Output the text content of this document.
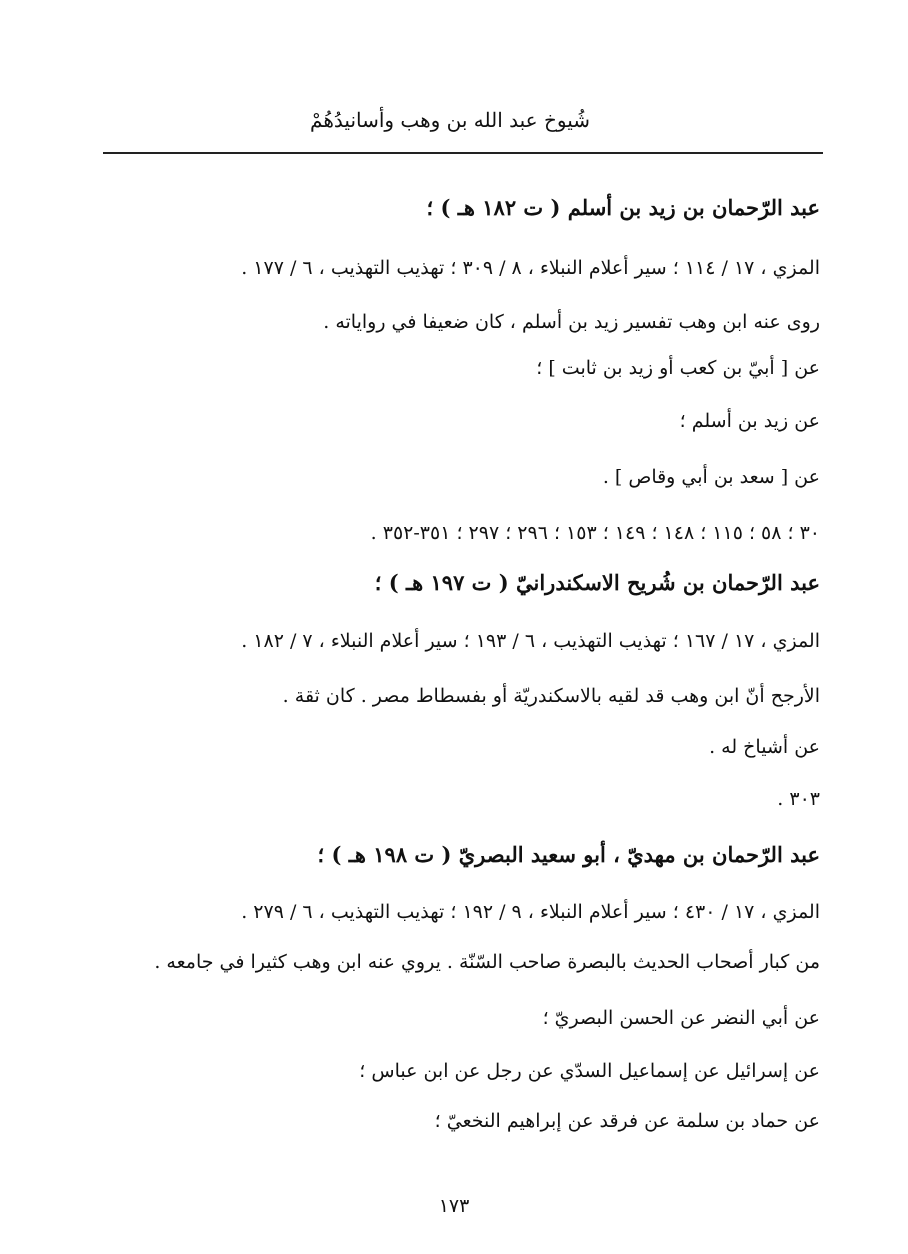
شُيوخ عبد الله بن وهب وأسانيدُهُمْ
عبد الرّحمان بن زيد بن أسلم ( ت ١٨٢ هـ ) ؛
المزي ، ١٧ / ١١٤ ؛ سير أعلام النبلاء ، ٨ / ٣٠٩ ؛ تهذيب التهذيب ، ٦ / ١٧٧ .
روى عنه ابن وهب تفسير زيد بن أسلم ، كان ضعيفا في رواياته .
عن [ أبيّ بن كعب أو زيد بن ثابت ] ؛
عن زيد بن أسلم ؛
عن [ سعد بن أبي وقاص ] .
٣٠ ؛ ٥٨ ؛ ١١٥ ؛ ١٤٨ ؛ ١٤٩ ؛ ١٥٣ ؛ ٢٩٦ ؛ ٢٩٧ ؛ ٣٥١-٣٥٢ .
عبد الرّحمان بن شُريح الاسكندرانيّ ( ت ١٩٧ هـ ) ؛
المزي ، ١٧ / ١٦٧ ؛ تهذيب التهذيب ، ٦ / ١٩٣ ؛ سير أعلام النبلاء ، ٧ / ١٨٢ .
الأرجح أنّ ابن وهب قد لقيه بالاسكندريّة أو بفسطاط مصر . كان ثقة .
عن أشياخ له .
٣٠٣ .
عبد الرّحمان بن مهديّ ، أبو سعيد البصريّ ( ت ١٩٨ هـ ) ؛
المزي ، ١٧ / ٤٣٠ ؛ سير أعلام النبلاء ، ٩ / ١٩٢ ؛ تهذيب التهذيب ، ٦ / ٢٧٩ .
من كبار أصحاب الحديث بالبصرة صاحب السّنّة . يروي عنه ابن وهب كثيرا في جامعه .
عن أبي النضر عن الحسن البصريّ ؛
عن إسرائيل عن إسماعيل السدّي عن رجل عن ابن عباس ؛
عن حماد بن سلمة عن فرقد عن إبراهيم النخعيّ ؛
١٧٣
